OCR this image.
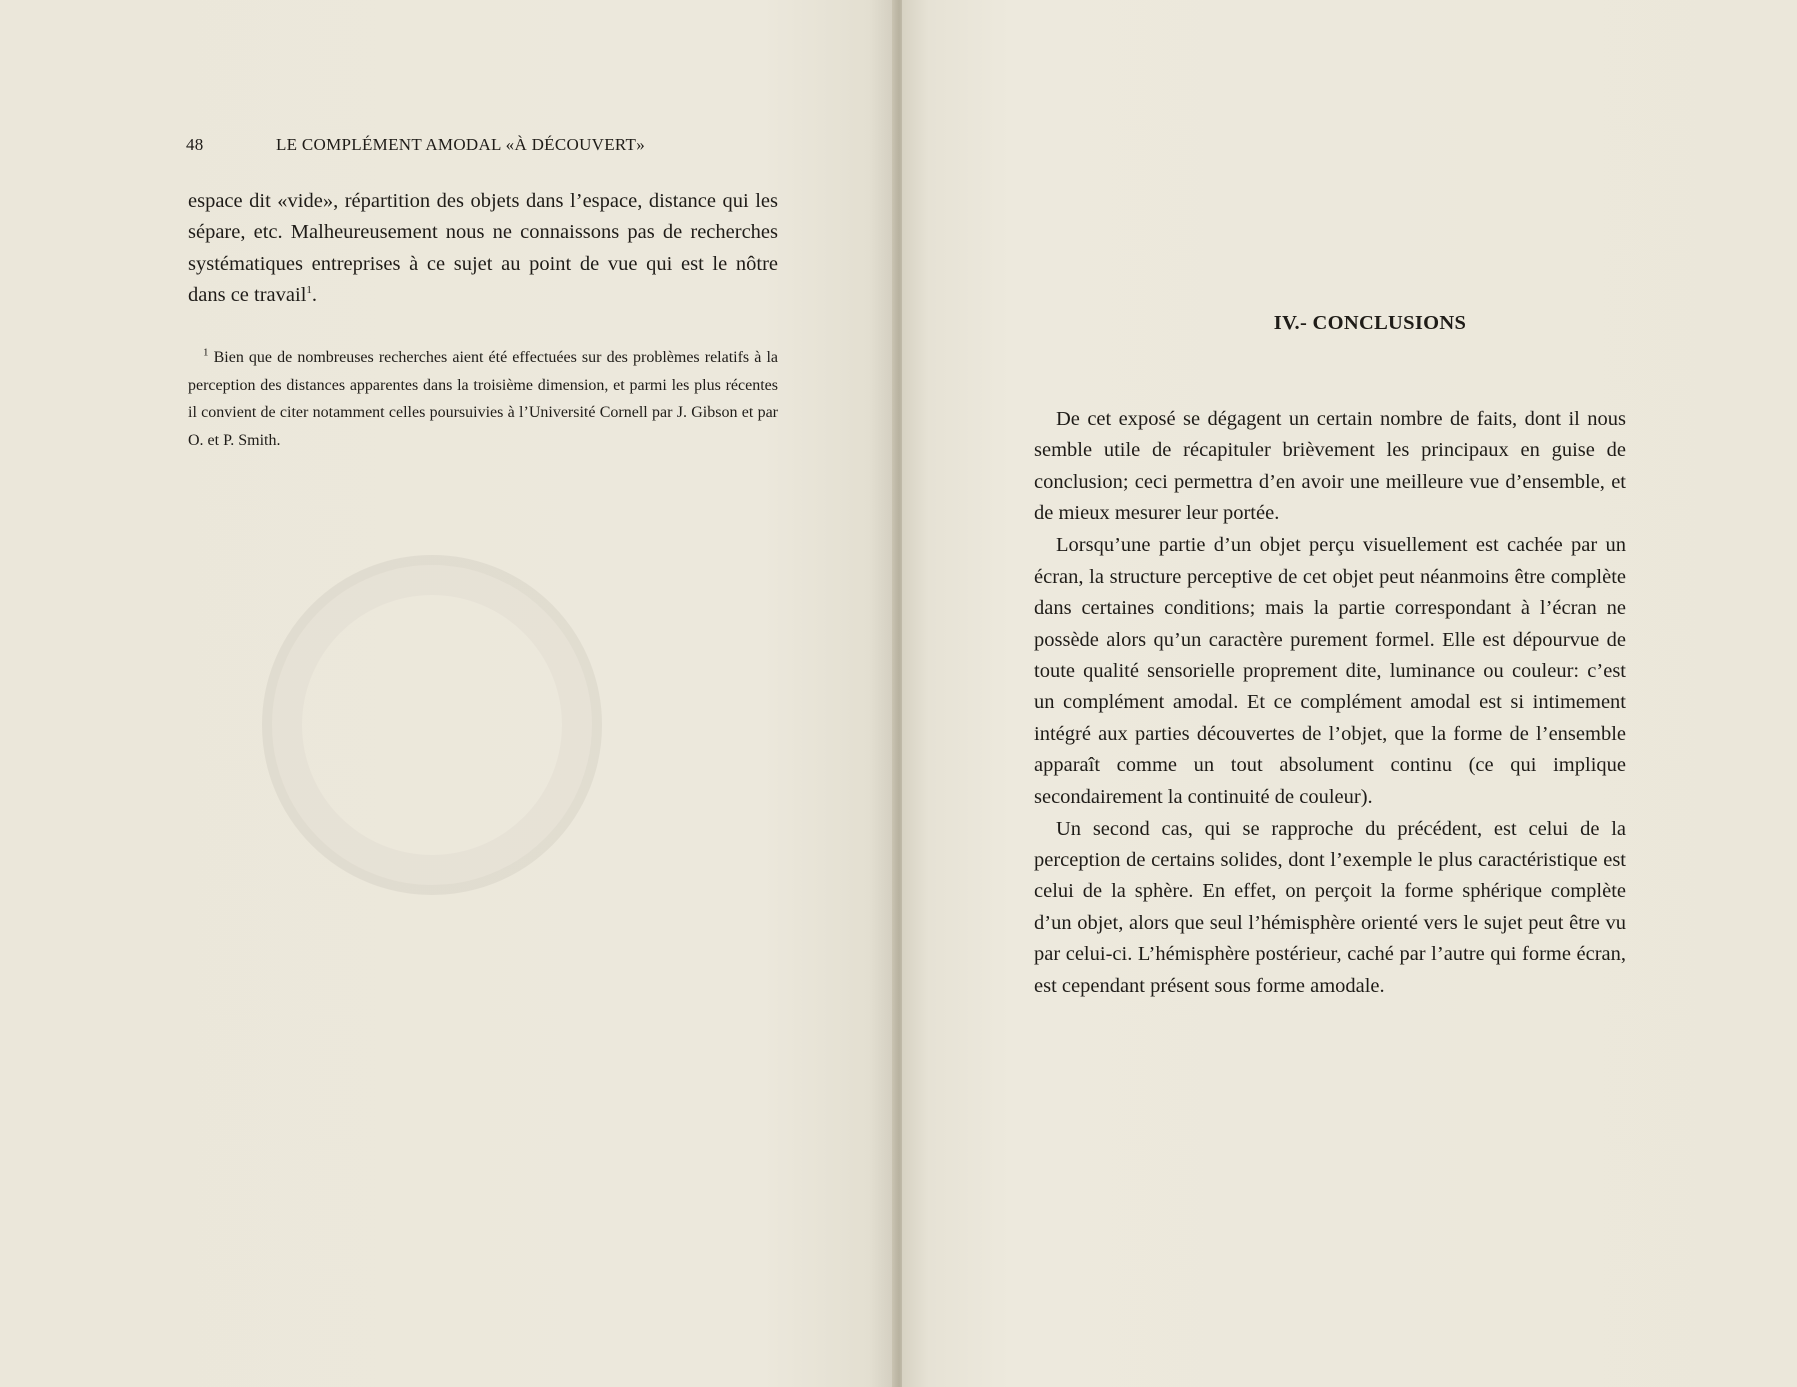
48	LE COMPLÉMENT AMODAL «À DÉCOUVERT»

espace dit «vide», répartition des objets dans l’espace, distance qui les sépare, etc. Malheureusement nous ne connaissons pas de recherches systématiques entreprises à ce sujet au point de vue qui est le nôtre dans ce travail$^1$.

$^1$ Bien que de nombreuses recherches aient été effectuées sur des problèmes relatifs à la perception des distances apparentes dans la troisième dimension, et parmi les plus récentes il convient de citer notamment celles poursuivies à l’Université Cornell par J. Gibson et par O. et P. Smith.

IV.- CONCLUSIONS

De cet exposé se dégagent un certain nombre de faits, dont il nous semble utile de récapituler brièvement les principaux en guise de conclusion; ceci permettra d’en avoir une meilleure vue d’ensemble, et de mieux mesurer leur portée.

Lorsqu’une partie d’un objet perçu visuellement est cachée par un écran, la structure perceptive de cet objet peut néanmoins être complète dans certaines conditions; mais la partie correspondant à l’écran ne possède alors qu’un caractère purement formel. Elle est dépourvue de toute qualité sensorielle proprement dite, luminance ou couleur: c’est un complément amodal. Et ce complément amodal est si intimement intégré aux parties découvertes de l’objet, que la forme de l’ensemble apparaît comme un tout absolument continu (ce qui implique secondairement la continuité de couleur).

Un second cas, qui se rapproche du précédent, est celui de la perception de certains solides, dont l’exemple le plus caractéristique est celui de la sphère. En effet, on perçoit la forme sphérique complète d’un objet, alors que seul l’hémisphère orienté vers le sujet peut être vu par celui-ci. L’hémisphère postérieur, caché par l’autre qui forme écran, est cependant présent sous forme amodale.
